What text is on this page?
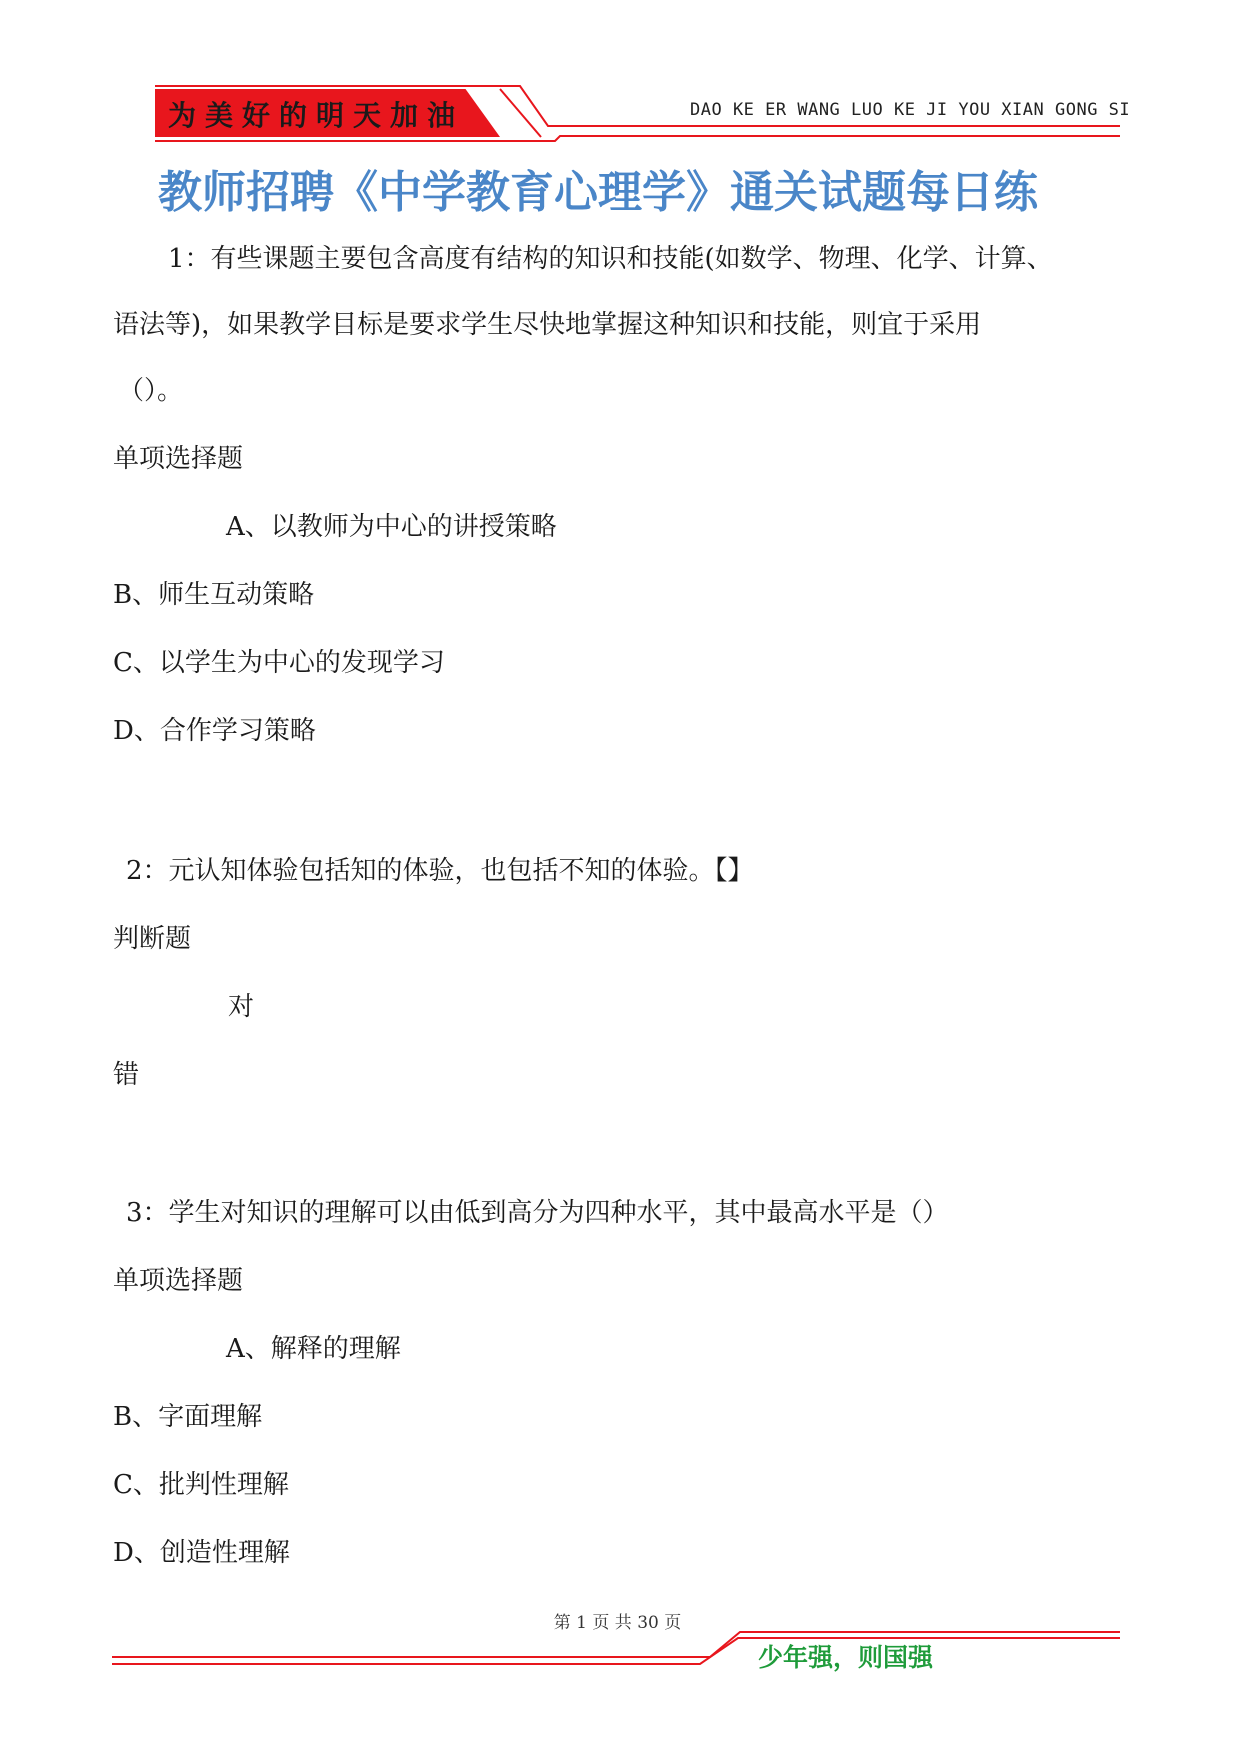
为美好的明天加油	DAO KE ER WANG LUO KE JI YOU XIAN GONG SI
教师招聘《中学教育心理学》通关试题每日练
1：有些课题主要包含高度有结构的知识和技能(如数学、物理、化学、计算、
语法等)，如果教学目标是要求学生尽快地掌握这种知识和技能，则宜于采用
（）。
单项选择题
A、以教师为中心的讲授策略
B、师生互动策略
C、以学生为中心的发现学习
D、合作学习策略
2：元认知体验包括知的体验，也包括不知的体验。【】
判断题
对
错
3：学生对知识的理解可以由低到高分为四种水平，其中最高水平是（）
单项选择题
A、解释的理解
B、字面理解
C、批判性理解
D、创造性理解
第 1 页 共 30 页
少年强，则国强
